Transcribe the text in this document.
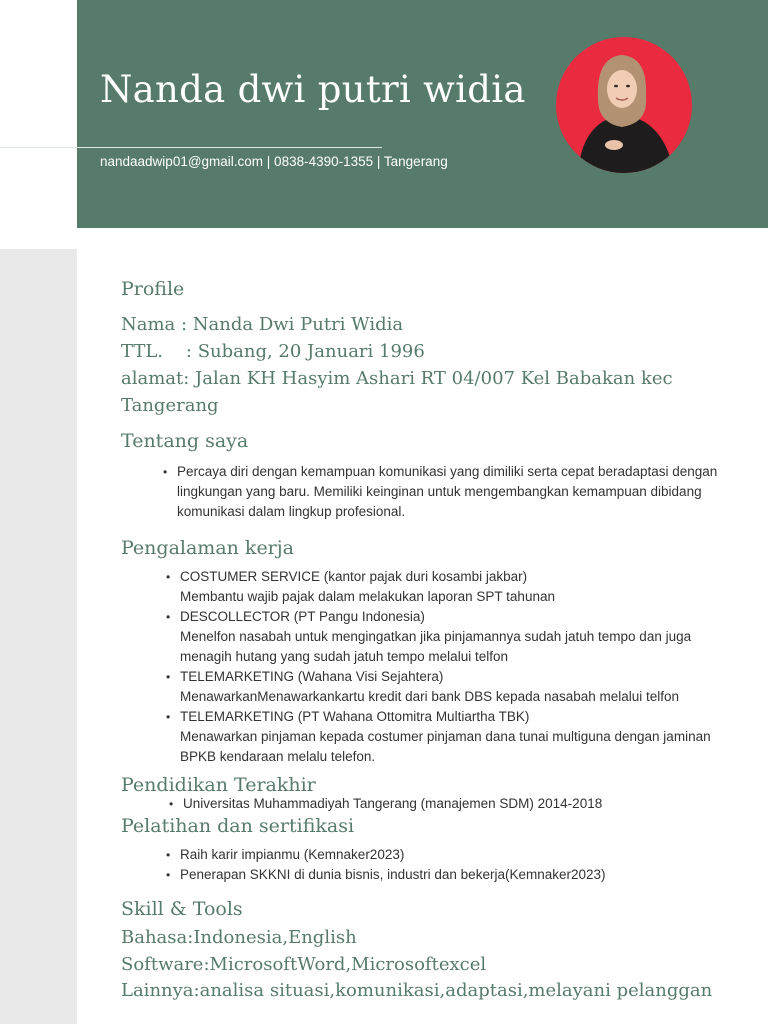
Nanda dwi putri widia
nandaadwip01@gmail.com | 0838-4390-1355 | Tangerang
Profile
Nama : Nanda Dwi Putri Widia
TTL.    : Subang, 20 Januari 1996
alamat: Jalan KH Hasyim Ashari RT 04/007 Kel Babakan kec
Tangerang
Tentang saya
• Percaya diri dengan kemampuan komunikasi yang dimiliki serta cepat beradaptasi dengan lingkungan yang baru. Memiliki keinginan untuk mengembangkan kemampuan dibidang komunikasi dalam lingkup profesional.
Pengalaman kerja
• COSTUMER SERVICE (kantor pajak duri kosambi jakbar)
Membantu wajib pajak dalam melakukan laporan SPT tahunan
• DESCOLLECTOR (PT Pangu Indonesia)
Menelfon nasabah untuk mengingatkan jika pinjamannya sudah jatuh tempo dan juga menagih hutang yang sudah jatuh tempo melalui telfon
• TELEMARKETING (Wahana Visi Sejahtera)
MenawarkanMenawarkankartu kredit dari bank DBS kepada nasabah melalui telfon
• TELEMARKETING (PT Wahana Ottomitra Multiartha TBK)
Menawarkan pinjaman kepada costumer pinjaman dana tunai multiguna dengan jaminan BPKB kendaraan melalu telefon.
Pendidikan Terakhir
• Universitas Muhammadiyah Tangerang (manajemen SDM) 2014-2018
Pelatihan dan sertifikasi
• Raih karir impianmu (Kemnaker2023)
• Penerapan SKKNI di dunia bisnis, industri dan bekerja(Kemnaker2023)
Skill & Tools
Bahasa:Indonesia,English
Software:MicrosoftWord,Microsoftexcel
Lainnya:analisa situasi,komunikasi,adaptasi,melayani pelanggan
